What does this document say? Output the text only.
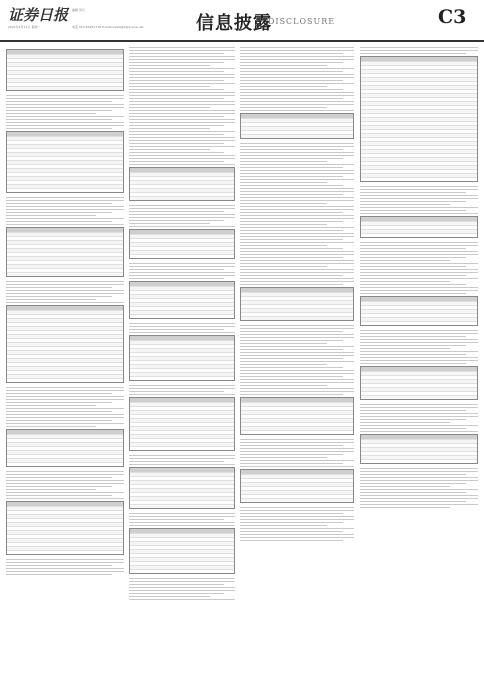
证券日报 编辑 何凡
2021年1月11日 星期一	电话 010-83251716 E-mail:zqrb9@zqrb.sina.net	信息披露
DISCLOSURE	C3
